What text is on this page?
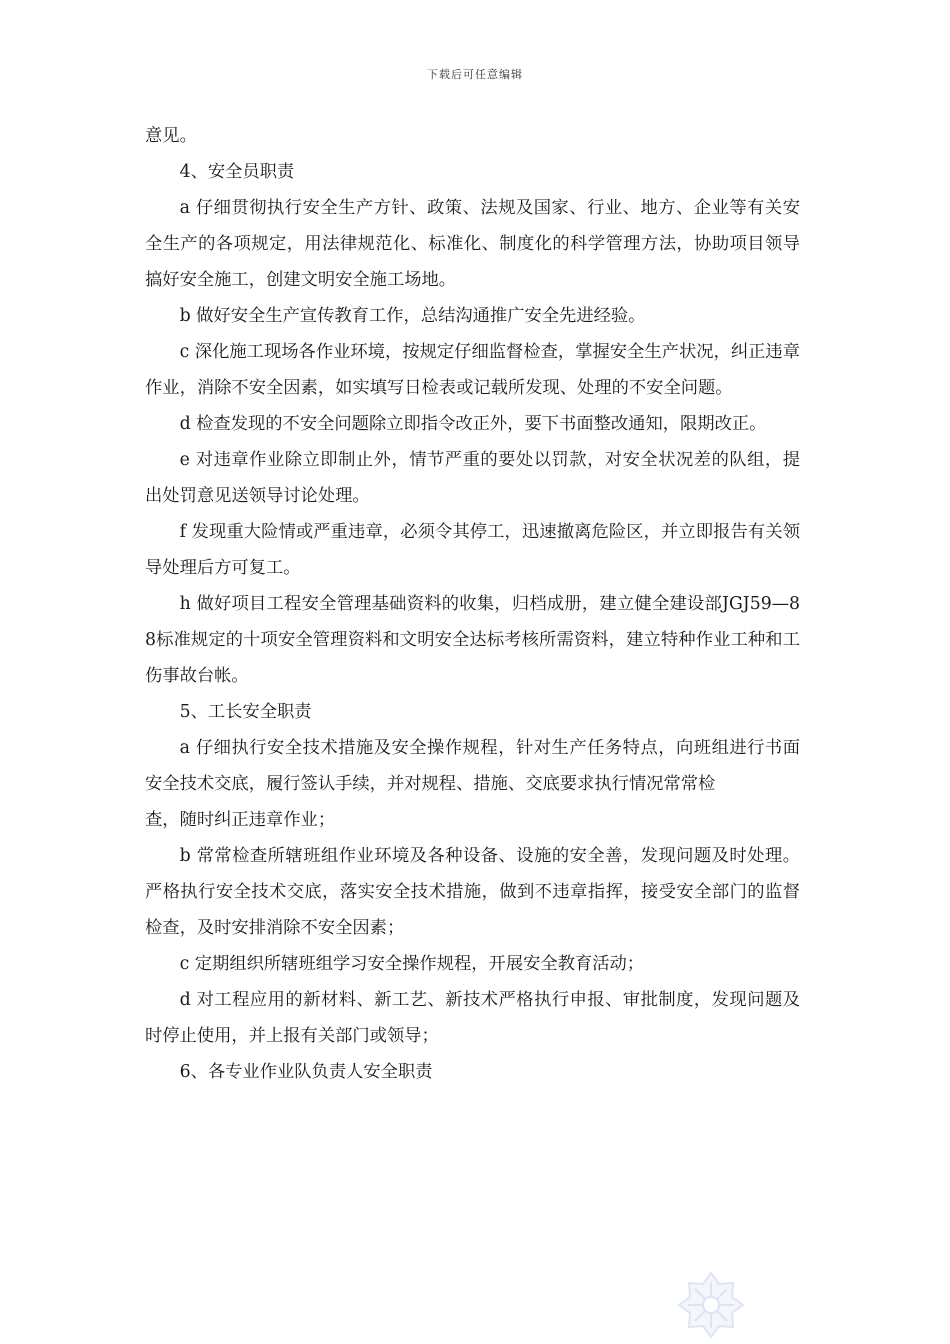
下载后可任意编辑

意见。

4、安全员职责

a 仔细贯彻执行安全生产方针、政策、法规及国家、行业、地方、企业等有关安全生产的各项规定，用法律规范化、标准化、制度化的科学管理方法，协助项目领导搞好安全施工，创建文明安全施工场地。

b 做好安全生产宣传教育工作，总结沟通推广安全先进经验。

c 深化施工现场各作业环境，按规定仔细监督检查，掌握安全生产状况，纠正违章作业，消除不安全因素，如实填写日检表或记载所发现、处理的不安全问题。

d 检查发现的不安全问题除立即指令改正外，要下书面整改通知，限期改正。

e 对违章作业除立即制止外，情节严重的要处以罚款，对安全状况差的队组，提出处罚意见送领导讨论处理。

f 发现重大险情或严重违章，必须令其停工，迅速撤离危险区，并立即报告有关领导处理后方可复工。

h 做好项目工程安全管理基础资料的收集，归档成册，建立健全建设部JGJ59—88标准规定的十项安全管理资料和文明安全达标考核所需资料，建立特种作业工种和工伤事故台帐。

5、工长安全职责

a 仔细执行安全技术措施及安全操作规程，针对生产任务特点，向班组进行书面安全技术交底，履行签认手续，并对规程、措施、交底要求执行情况常常检

查，随时纠正违章作业；

b 常常检查所辖班组作业环境及各种设备、设施的安全善，发现问题及时处理。严格执行安全技术交底，落实安全技术措施，做到不违章指挥，接受安全部门的监督检查，及时安排消除不安全因素；

c 定期组织所辖班组学习安全操作规程，开展安全教育活动；

d 对工程应用的新材料、新工艺、新技术严格执行申报、审批制度，发现问题及时停止使用，并上报有关部门或领导；

6、各专业作业队负责人安全职责
